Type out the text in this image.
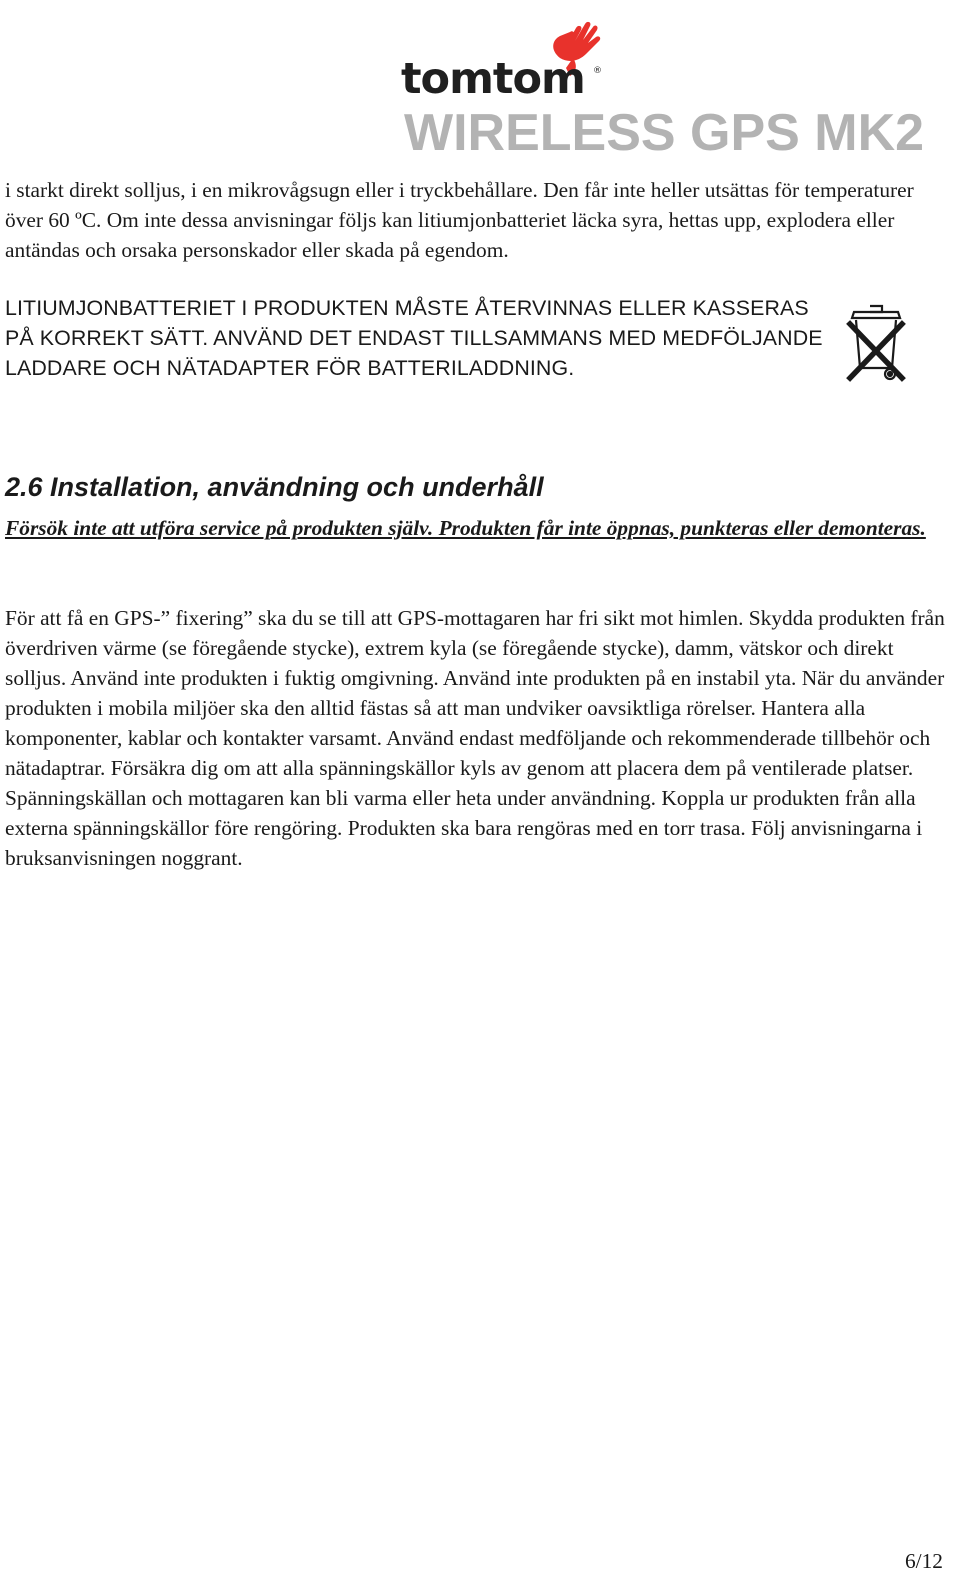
tomtom ®
WIRELESS GPS MK2

i starkt direkt solljus, i en mikrovågsugn eller i tryckbehållare. Den får inte heller utsättas för temperaturer över 60 ºC. Om inte dessa anvisningar följs kan litiumjonbatteriet läcka syra, hettas upp, explodera eller antändas och orsaka personskador eller skada på egendom.

LITIUMJONBATTERIET I PRODUKTEN MÅSTE ÅTERVINNAS ELLER KASSERAS PÅ KORREKT SÄTT. ANVÄND DET ENDAST TILLSAMMANS MED MEDFÖLJANDE LADDARE OCH NÄTADAPTER FÖR BATTERILADDNING.

2.6 Installation, användning och underhåll

Försök inte att utföra service på produkten själv. Produkten får inte öppnas, punkteras eller demonteras.

För att få en GPS-” fixering” ska du se till att GPS-mottagaren har fri sikt mot himlen. Skydda produkten från överdriven värme (se föregående stycke), extrem kyla (se föregående stycke), damm, vätskor och direkt solljus. Använd inte produkten i fuktig omgivning. Använd inte produkten på en instabil yta. När du använder produkten i mobila miljöer ska den alltid fästas så att man undviker oavsiktliga rörelser. Hantera alla komponenter, kablar och kontakter varsamt. Använd endast medföljande och rekommenderade tillbehör och nätadaptrar. Försäkra dig om att alla spänningskällor kyls av genom att placera dem på ventilerade platser. Spänningskällan och mottagaren kan bli varma eller heta under användning. Koppla ur produkten från alla externa spänningskällor före rengöring. Produkten ska bara rengöras med en torr trasa. Följ anvisningarna i bruksanvisningen noggrant.

6/12
